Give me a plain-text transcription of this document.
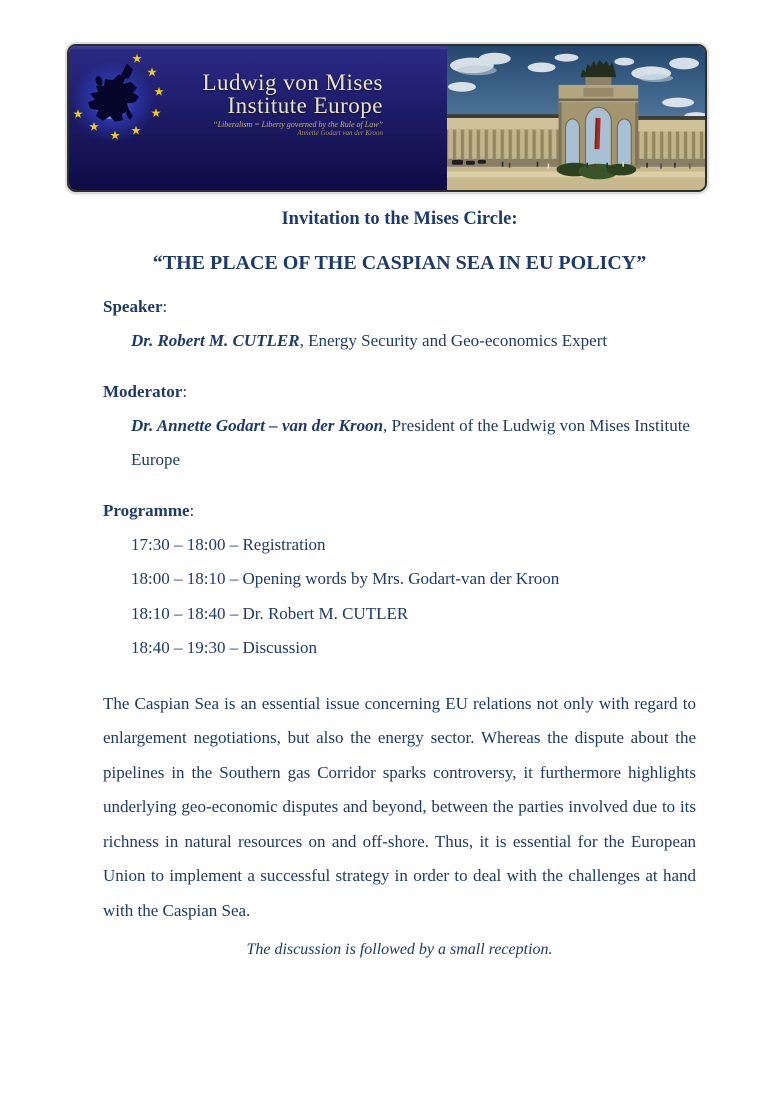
Ludwig von Mises
Institute Europe
“Liberalism = Liberty governed by the Rule of Law”
Annette Godart van der Kroon
Invitation to the Mises Circle:
“THE PLACE OF THE CASPIAN SEA IN EU POLICY”
Speaker:
Dr. Robert M. CUTLER, Energy Security and Geo-economics Expert
Moderator:
Dr. Annette Godart – van der Kroon, President of the Ludwig von Mises Institute Europe
Programme:
17:30 – 18:00 – Registration
18:00 – 18:10 – Opening words by Mrs. Godart-van der Kroon
18:10 – 18:40 – Dr. Robert M. CUTLER
18:40 – 19:30 – Discussion

The Caspian Sea is an essential issue concerning EU relations not only with regard to enlargement negotiations, but also the energy sector. Whereas the dispute about the pipelines in the Southern gas Corridor sparks controversy, it furthermore highlights underlying geo-economic disputes and beyond, between the parties involved due to its richness in natural resources on and off-shore. Thus, it is essential for the European Union to implement a successful strategy in order to deal with the challenges at hand with the Caspian Sea.

The discussion is followed by a small reception.
